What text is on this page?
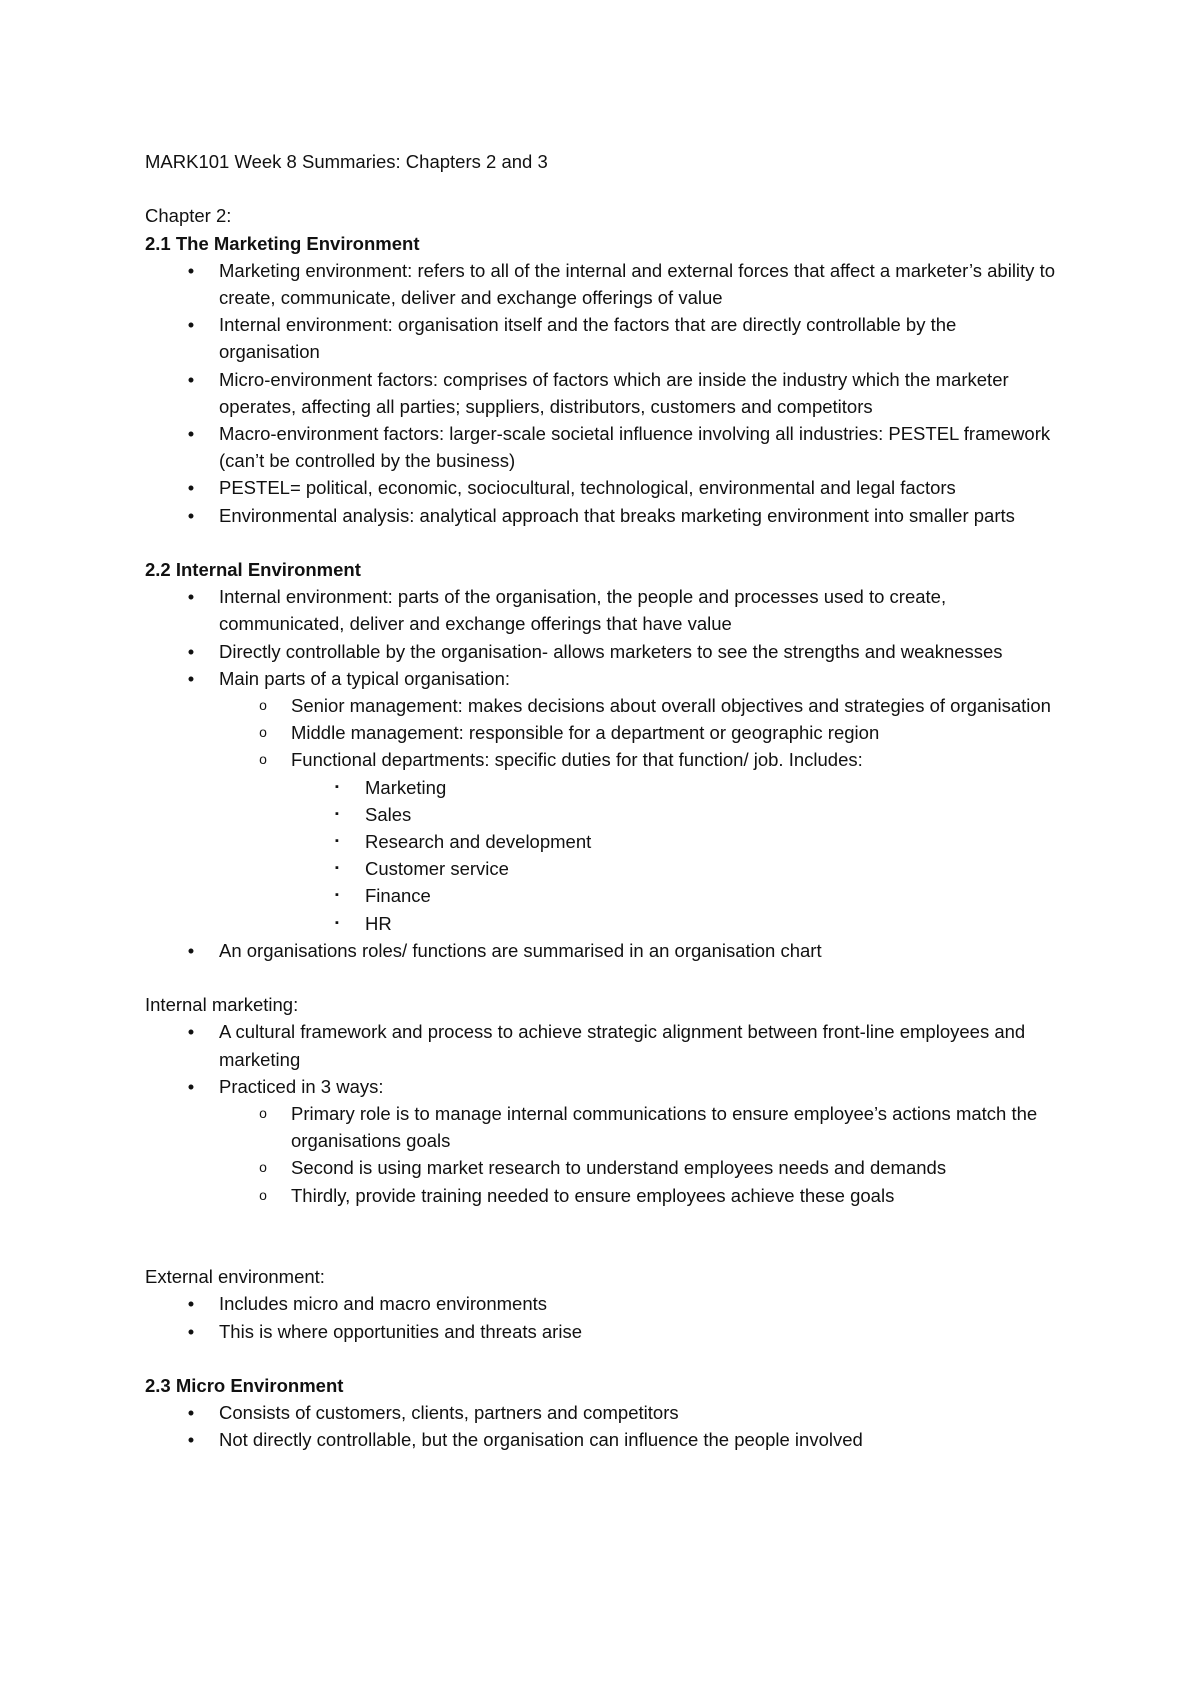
MARK101 Week 8 Summaries: Chapters 2 and 3

Chapter 2:

2.1 The Marketing Environment

•	Marketing environment: refers to all of the internal and external forces that affect a marketer’s ability to create, communicate, deliver and exchange offerings of value
•	Internal environment: organisation itself and the factors that are directly controllable by the organisation
•	Micro-environment factors: comprises of factors which are inside the industry which the marketer operates, affecting all parties; suppliers, distributors, customers and competitors
•	Macro-environment factors: larger-scale societal influence involving all industries: PESTEL framework (can’t be controlled by the business)
•	PESTEL= political, economic, sociocultural, technological, environmental and legal factors
•	Environmental analysis: analytical approach that breaks marketing environment into smaller parts

2.2 Internal Environment

•	Internal environment: parts of the organisation, the people and processes used to create, communicated, deliver and exchange offerings that have value
•	Directly controllable by the organisation- allows marketers to see the strengths and weaknesses
•	Main parts of a typical organisation:
o	Senior management: makes decisions about overall objectives and strategies of organisation
o	Middle management: responsible for a department or geographic region
o	Functional departments: specific duties for that function/ job. Includes:
▪	Marketing
▪	Sales
▪	Research and development
▪	Customer service
▪	Finance
▪	HR
•	An organisations roles/ functions are summarised in an organisation chart

Internal marketing:

•	A cultural framework and process to achieve strategic alignment between front-line employees and marketing
•	Practiced in 3 ways:
o	Primary role is to manage internal communications to ensure employee’s actions match the organisations goals
o	Second is using market research to understand employees needs and demands
o	Thirdly, provide training needed to ensure employees achieve these goals

External environment:

•	Includes micro and macro environments
•	This is where opportunities and threats arise

2.3 Micro Environment

•	Consists of customers, clients, partners and competitors
•	Not directly controllable, but the organisation can influence the people involved
